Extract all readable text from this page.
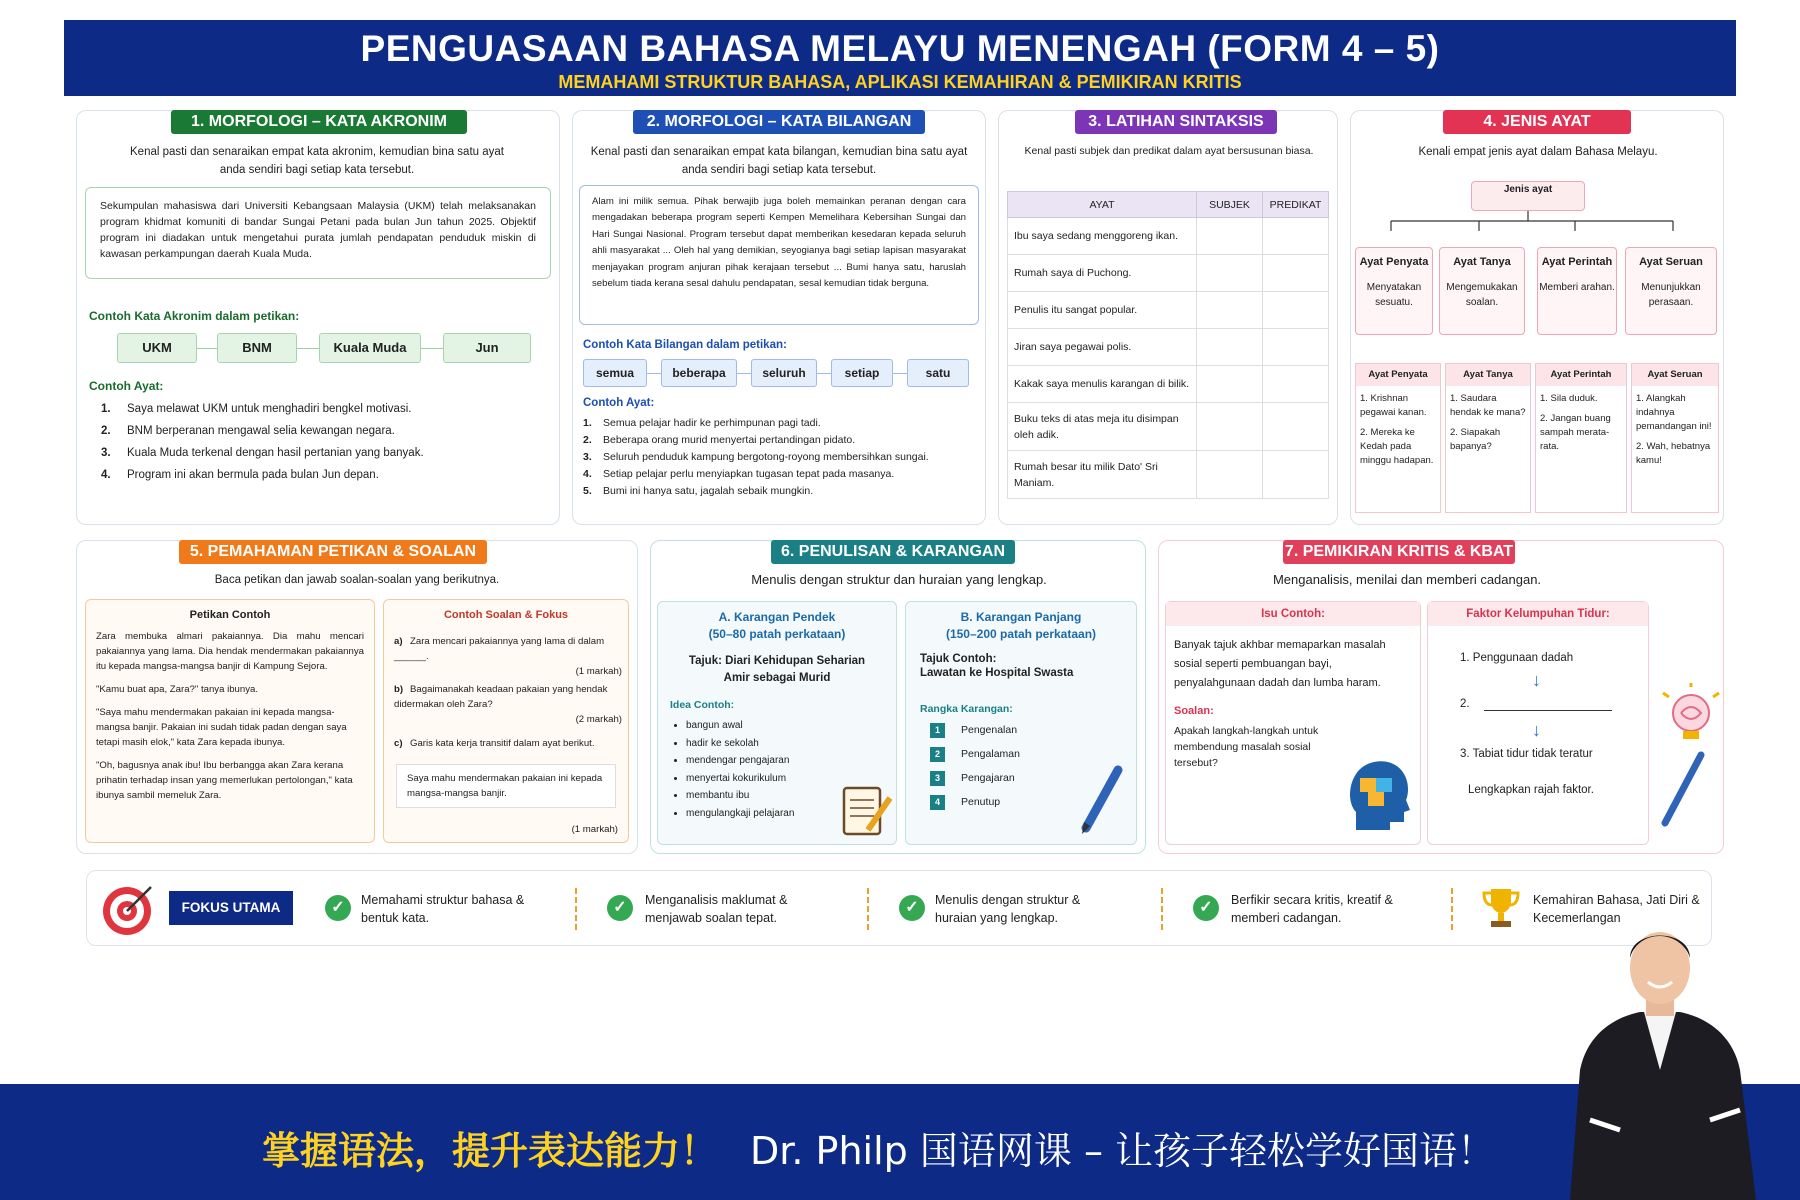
PENGUASAAN BAHASA MELAYU MENENGAH (FORM 4 – 5)
MEMAHAMI STRUKTUR BAHASA, APLIKASI KEMAHIRAN & PEMIKIRAN KRITIS
1. MORFOLOGI – KATA AKRONIM
Kenal pasti dan senaraikan empat kata akronim, kemudian bina satu ayat anda sendiri bagi setiap kata tersebut.
Sekumpulan mahasiswa dari Universiti Kebangsaan Malaysia (UKM) telah melaksanakan program khidmat komuniti di bandar Sungai Petani pada bulan Jun tahun 2025. Objektif program ini diadakan untuk mengetahui purata jumlah pendapatan penduduk miskin di kawasan perkampungan daerah Kuala Muda.
Contoh Kata Akronim dalam petikan:
UKM	BNM	Kuala Muda	Jun
Contoh Ayat:
1. Saya melawat UKM untuk menghadiri bengkel motivasi.
2. BNM berperanan mengawal selia kewangan negara.
3. Kuala Muda terkenal dengan hasil pertanian yang banyak.
4. Program ini akan bermula pada bulan Jun depan.
2. MORFOLOGI – KATA BILANGAN
Kenal pasti dan senaraikan empat kata bilangan, kemudian bina satu ayat anda sendiri bagi setiap kata tersebut.
Alam ini milik semua. Pihak berwajib juga boleh memainkan peranan dengan cara mengadakan beberapa program seperti Kempen Memelihara Kebersihan Sungai dan Hari Sungai Nasional. Program tersebut dapat memberikan kesedaran kepada seluruh ahli masyarakat ... Oleh hal yang demikian, seyogianya bagi setiap lapisan masyarakat menjayakan program anjuran pihak kerajaan tersebut ... Bumi hanya satu, haruslah sebelum tiada kerana sesal dahulu pendapatan, sesal kemudian tidak berguna.
Contoh Kata Bilangan dalam petikan:
semua	beberapa	seluruh	setiap	satu
Contoh Ayat:
1. Semua pelajar hadir ke perhimpunan pagi tadi.
2. Beberapa orang murid menyertai pertandingan pidato.
3. Seluruh penduduk kampung bergotong-royong membersihkan sungai.
4. Setiap pelajar perlu menyiapkan tugasan tepat pada masanya.
5. Bumi ini hanya satu, jagalah sebaik mungkin.
3. LATIHAN SINTAKSIS
Kenal pasti subjek dan predikat dalam ayat bersusunan biasa.
AYAT	SUBJEK	PREDIKAT
Ibu saya sedang menggoreng ikan.		
Rumah saya di Puchong.		
Penulis itu sangat popular.		
Jiran saya pegawai polis.		
Kakak saya menulis karangan di bilik.		
Buku teks di atas meja itu disimpan oleh adik.		
Rumah besar itu milik Dato' Sri Maniam.		
4. JENIS AYAT
Kenali empat jenis ayat dalam Bahasa Melayu.
Jenis ayat
Ayat Penyata
Menyatakan sesuatu.
Ayat Tanya
Mengemukakan soalan.
Ayat Perintah
Memberi arahan.
Ayat Seruan
Menunjukkan perasaan.
Ayat Penyata
1. Krishnan pegawai kanan.
2. Mereka ke Kedah pada minggu hadapan.
Ayat Tanya
1. Saudara hendak ke mana?
2. Siapakah bapanya?
Ayat Perintah
1. Sila duduk.
2. Jangan buang sampah merata-rata.
Ayat Seruan
1. Alangkah indahnya pemandangan ini!
2. Wah, hebatnya kamu!
5. PEMAHAMAN PETIKAN & SOALAN
Baca petikan dan jawab soalan-soalan yang berikutnya.
Petikan Contoh

Zara membuka almari pakaiannya. Dia mahu mencari pakaiannya yang lama. Dia hendak mendermakan pakaiannya itu kepada mangsa-mangsa banjir di Kampung Sejora.

"Kamu buat apa, Zara?" tanya ibunya.

"Saya mahu mendermakan pakaian ini kepada mangsa-mangsa banjir. Pakaian ini sudah tidak padan dengan saya tetapi masih elok," kata Zara kepada ibunya.

"Oh, bagusnya anak ibu! Ibu berbangga akan Zara kerana prihatin terhadap insan yang memerlukan pertolongan," kata ibunya sambil memeluk Zara.

Contoh Soalan & Fokus
a) Zara mencari pakaiannya yang lama di dalam ______.
(1 markah)
b) Bagaimanakah keadaan pakaian yang hendak didermakan oleh Zara?
(2 markah)
c) Garis kata kerja transitif dalam ayat berikut.
Saya mahu mendermakan pakaian ini kepada mangsa-mangsa banjir.
(1 markah)
6. PENULISAN & KARANGAN
Menulis dengan struktur dan huraian yang lengkap.
A. Karangan Pendek
(50–80 patah perkataan)
Tajuk: Diari Kehidupan Seharian Amir sebagai Murid
Idea Contoh:
• bangun awal
• hadir ke sekolah
• mendengar pengajaran
• menyertai kokurikulum
• membantu ibu
• mengulangkaji pelajaran
B. Karangan Panjang
(150–200 patah perkataan)
Tajuk Contoh:
Lawatan ke Hospital Swasta
Rangka Karangan:
1 Pengenalan
2 Pengalaman
3 Pengajaran
4 Penutup
7. PEMIKIRAN KRITIS & KBAT
Menganalisis, menilai dan memberi cadangan.
Isu Contoh:
Banyak tajuk akhbar memaparkan masalah sosial seperti pembuangan bayi, penyalahgunaan dadah dan lumba haram.
Soalan:
Apakah langkah-langkah untuk membendung masalah sosial tersebut?
Faktor Kelumpuhan Tidur:
1. Penggunaan dadah
↓
2.
↓
3. Tabiat tidur tidak teratur
Lengkapkan rajah faktor.
FOKUS UTAMA	✓	Memahami struktur bahasa & bentuk kata.
✓	Menganalisis maklumat & menjawab soalan tepat.
✓	Menulis dengan struktur & huraian yang lengkap.
✓	Berfikir secara kritis, kreatif & memberi cadangan.
Kemahiran Bahasa, Jati Diri & Kecemerlangan
掌握语法，提升表达能力！ Dr. Philp 国语网课 – 让孩子轻松学好国语！
